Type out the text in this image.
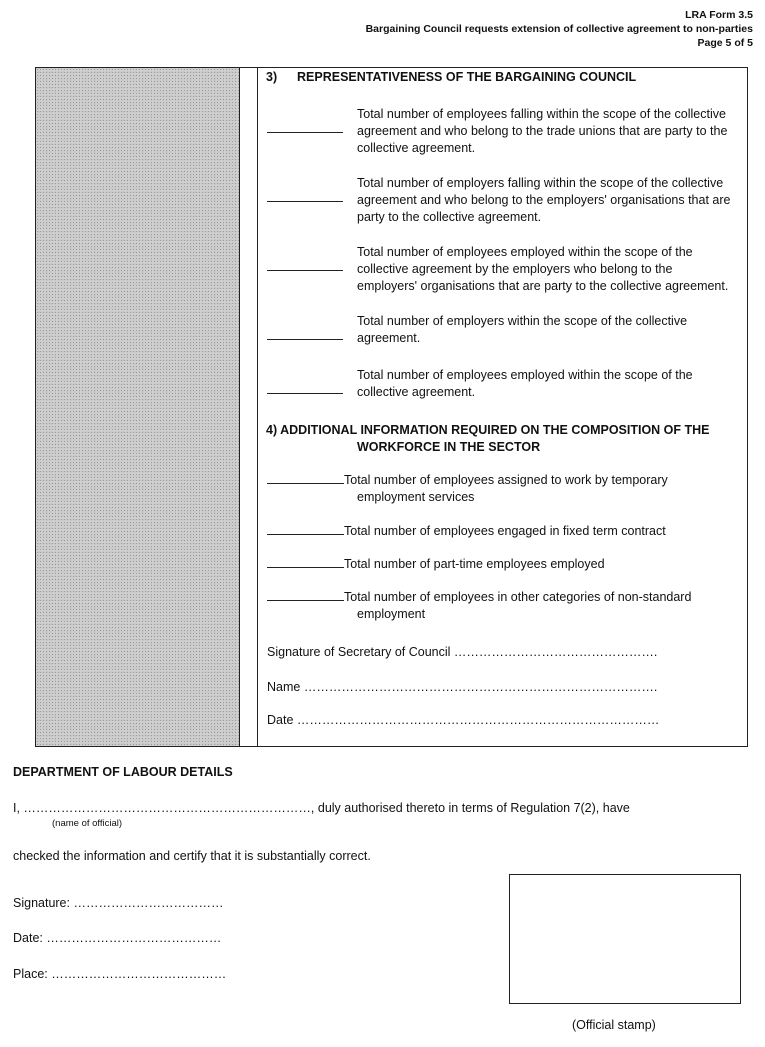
LRA Form 3.5
Bargaining Council requests extension of collective agreement to non-parties
Page 5 of 5
3) REPRESENTATIVENESS OF THE BARGAINING COUNCIL
Total number of employees falling within the scope of the collective
agreement and who belong to the trade unions that are party to the
collective agreement.
Total number of employers falling within the scope of the collective
agreement and who belong to the employers' organisations that are
party to the collective agreement.
Total number of employees employed within the scope of the
collective agreement by the employers who belong to the
employers' organisations that are party to the collective agreement.
Total number of employers within the scope of the collective
agreement.
Total number of employees employed within the scope of the
collective agreement.
4) ADDITIONAL INFORMATION REQUIRED ON THE COMPOSITION OF THE
WORKFORCE IN THE SECTOR
Total number of employees assigned to work by temporary
employment services
Total number of employees engaged in fixed term contract
Total number of part-time employees employed
Total number of employees in other categories of non-standard
employment
Signature of Secretary of Council ………………………………………….
Name ………………………………………………………………………….
Date ……………………………………………………………………………
DEPARTMENT OF LABOUR DETAILS
I, ……………………………………………………………, duly authorised thereto in terms of Regulation 7(2), have
(name of official)
checked the information and certify that it is substantially correct.
Signature: ………………………………
Date: ……………………………………
Place: ……………………………………
(Official stamp)
